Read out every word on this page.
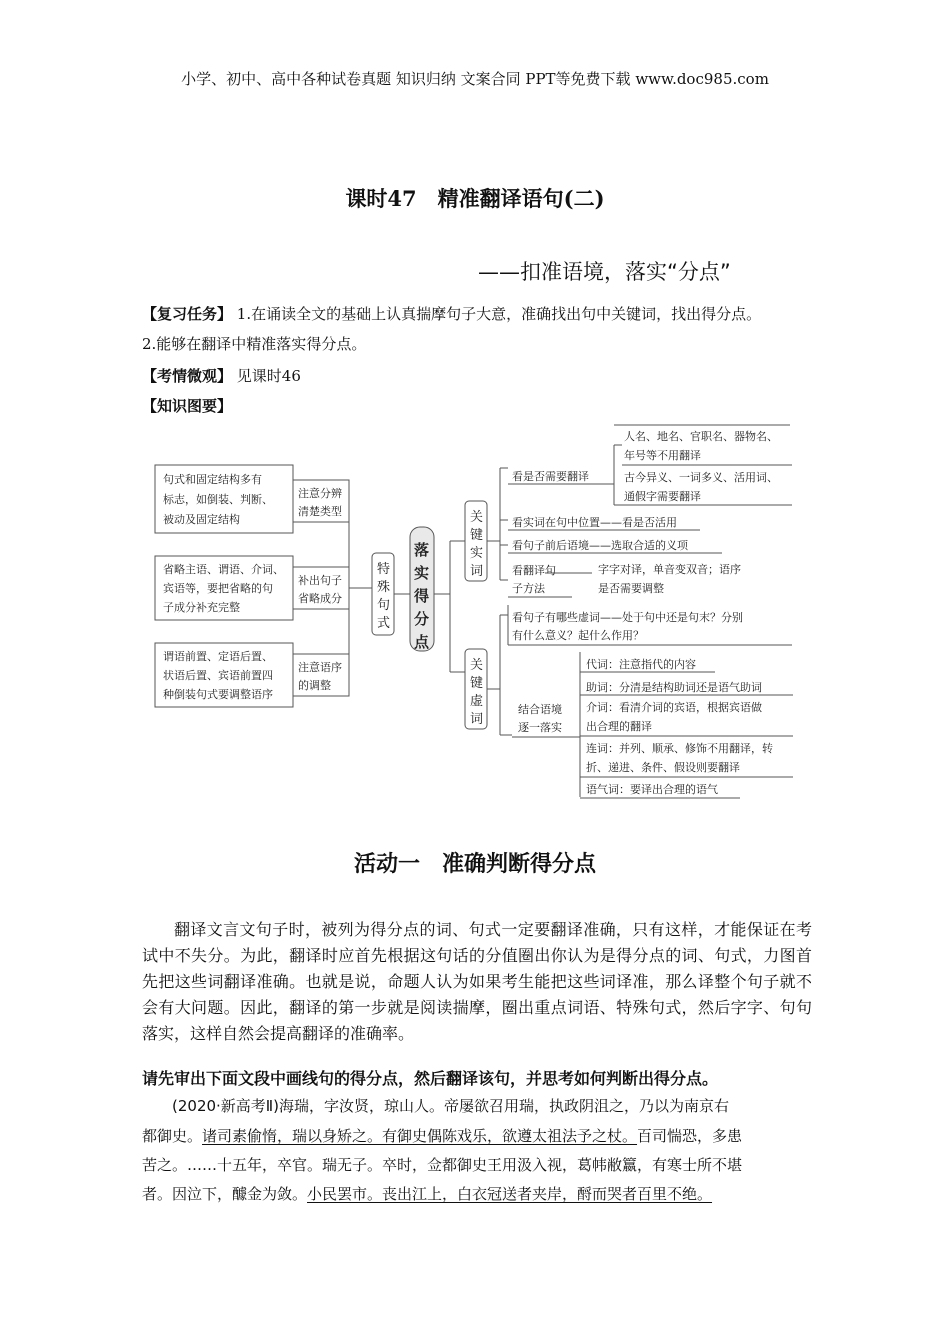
小学、初中、高中各种试卷真题 知识归纳 文案合同 PPT等免费下载 www.doc985.com
课时47　精准翻译语句(二)
——扣准语境，落实“分点”
【复习任务】 1.在诵读全文的基础上认真揣摩句子大意，准确找出句中关键词，找出得分点。
2.能够在翻译中精准落实得分点。
【考情微观】 见课时46
【知识图要】
句式和固定结构多有
标志，如倒装、判断、
被动及固定结构
省略主语、谓语、介词、
宾语等，要把省略的句
子成分补充完整
谓语前置、定语后置、
状语后置、宾语前置四
种倒装句式要调整语序
注意分辨
清楚类型
补出句子
省略成分
注意语序
的调整
特
殊
句
式
落
实
得
分
点
关
键
实
词
看是否需要翻译
人名、地名、官职名、器物名、
年号等不用翻译
古今异义、一词多义、活用词、
通假字需要翻译
看实词在句中位置——看是否活用
看句子前后语境——选取合适的义项
看翻译句
子方法
字字对译，单音变双音；语序
是否需要调整
关
键
虚
词
看句子有哪些虚词——处于句中还是句末？分别
有什么意义？起什么作用？
结合语境
逐一落实
代词：注意指代的内容
助词：分清是结构助词还是语气助词
介词：看清介词的宾语，根据宾语做
出合理的翻译
连词：并列、顺承、修饰不用翻译，转
折、递进、条件、假设则要翻译
语气词：要译出合理的语气
活动一　准确判断得分点
翻译文言文句子时，被列为得分点的词、句式一定要翻译准确，只有这样，才能保证在考试中不失分。为此，翻译时应首先根据这句话的分值圈出你认为是得分点的词、句式，力图首先把这些词翻译准确。也就是说，命题人认为如果考生能把这些词译准，那么译整个句子就不会有大问题。因此，翻译的第一步就是阅读揣摩，圈出重点词语、特殊句式，然后字字、句句落实，这样自然会提高翻译的准确率。
请先审出下面文段中画线句的得分点，然后翻译该句，并思考如何判断出得分点。
(2020·新高考Ⅱ)海瑞，字汝贤，琼山人。帝屡欲召用瑞，执政阴沮之，乃以为南京右
都御史。诸司素偷惰，瑞以身矫之。有御史偶陈戏乐，欲遵太祖法予之杖。百司惴恐，多患
苦之。……十五年，卒官。瑞无子。卒时，佥都御史王用汲入视，葛帏敝籝，有寒士所不堪
者。因泣下，醵金为敛。小民罢市。丧出江上，白衣冠送者夹岸，酹而哭者百里不绝。
